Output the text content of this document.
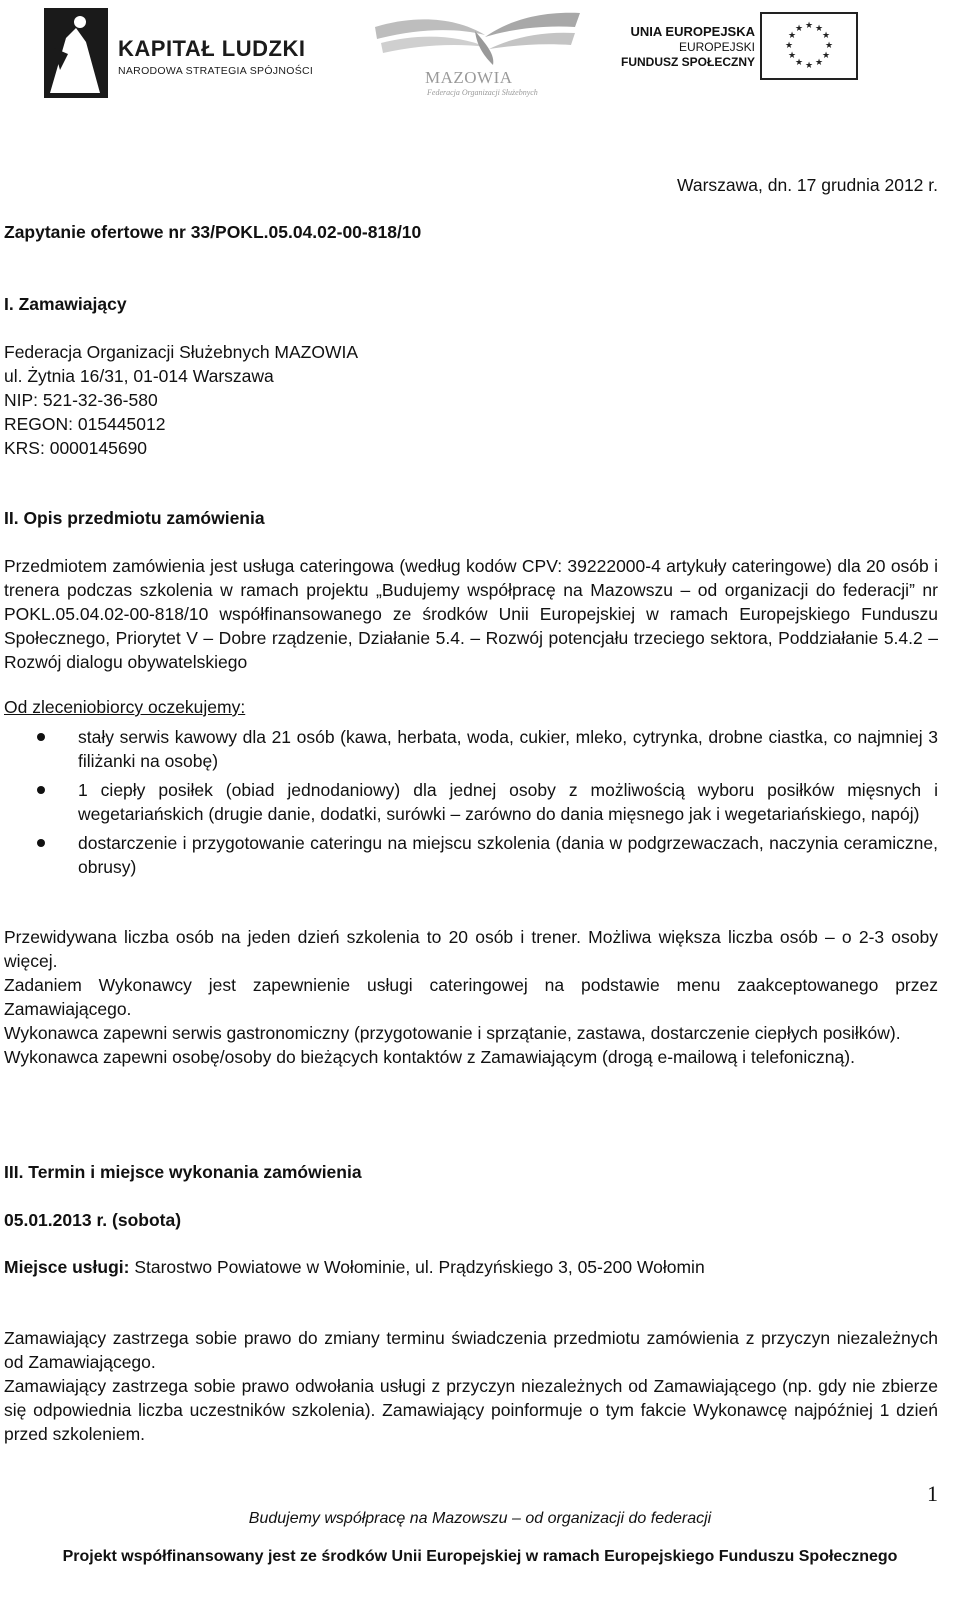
KAPITAŁ LUDZKI
NARODOWA STRATEGIA SPÓJNOŚCI	MAZOWIA
Federacja Organizacji Służebnych
UNIA EUROPEJSKA
EUROPEJSKI
FUNDUSZ SPOŁECZNY
★ ★
★
★
★
★
★
★
★
★
★
★
Warszawa, dn. 17 grudnia 2012 r.
Zapytanie ofertowe nr 33/POKL.05.04.02-00-818/10
I. Zamawiający
Federacja Organizacji Służebnych MAZOWIA
ul. Żytnia 16/31, 01-014 Warszawa
NIP: 521-32-36-580
REGON: 015445012
KRS: 0000145690
II. Opis przedmiotu zamówienia
Przedmiotem zamówienia jest usługa cateringowa (według kodów CPV: 39222000-4 artykuły cateringowe) dla 20 osób i trenera podczas szkolenia w ramach projektu „Budujemy współpracę na Mazowszu – od organizacji do federacji” nr POKL.05.04.02-00-818/10 współfinansowanego ze środków Unii Europejskiej w ramach Europejskiego Funduszu Społecznego, Priorytet V – Dobre rządzenie, Działanie 5.4. – Rozwój potencjału trzeciego sektora, Poddziałanie 5.4.2 – Rozwój dialogu obywatelskiego
Od zleceniobiorcy oczekujemy:
stały serwis kawowy dla 21 osób (kawa, herbata, woda, cukier, mleko, cytrynka, drobne ciastka, co najmniej 3 filiżanki na osobę)
1 ciepły posiłek (obiad jednodaniowy) dla jednej osoby z możliwością wyboru posiłków mięsnych i wegetariańskich (drugie danie, dodatki, surówki – zarówno do dania mięsnego jak i wegetariańskiego, napój)
dostarczenie i przygotowanie cateringu na miejscu szkolenia (dania w podgrzewaczach, naczynia ceramiczne, obrusy)
Przewidywana liczba osób na jeden dzień szkolenia to 20 osób i trener. Możliwa większa liczba osób – o 2-3 osoby więcej.
Zadaniem Wykonawcy jest zapewnienie usługi cateringowej na podstawie menu zaakceptowanego przez Zamawiającego.
Wykonawca zapewni serwis gastronomiczny (przygotowanie i sprzątanie, zastawa, dostarczenie ciepłych posiłków).
Wykonawca zapewni osobę/osoby do bieżących kontaktów z Zamawiającym (drogą e-mailową i telefoniczną).
III. Termin i miejsce wykonania zamówienia
05.01.2013 r. (sobota)
Miejsce usługi: Starostwo Powiatowe w Wołominie, ul. Prądzyńskiego 3, 05-200 Wołomin
Zamawiający zastrzega sobie prawo do zmiany terminu świadczenia przedmiotu zamówienia z przyczyn niezależnych od Zamawiającego.
Zamawiający zastrzega sobie prawo odwołania usługi z przyczyn niezależnych od Zamawiającego (np. gdy nie zbierze się odpowiednia liczba uczestników szkolenia). Zamawiający poinformuje o tym fakcie Wykonawcę najpóźniej 1 dzień przed szkoleniem.
1
Budujemy współpracę na Mazowszu – od organizacji do federacji
Projekt współfinansowany jest ze środków Unii Europejskiej w ramach Europejskiego Funduszu Społecznego
